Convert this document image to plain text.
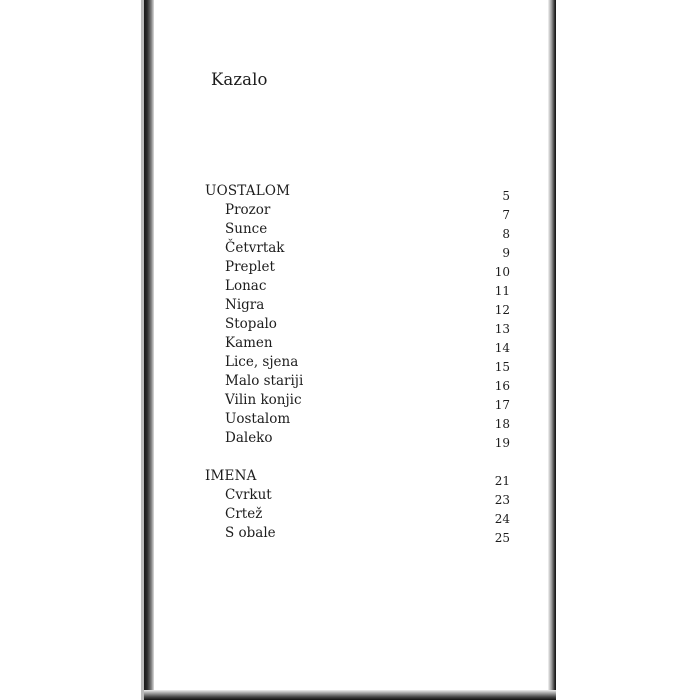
Kazalo
UOSTALOM	5
Prozor	7
Sunce	8
Četvrtak	9
Preplet	10
Lonac	11
Nigra	12
Stopalo	13
Kamen	14
Lice, sjena	15
Malo stariji	16
Vilin konjic	17
Uostalom	18
Daleko	19
IMENA	21
Cvrkut	23
Crtež	24
S obale	25
